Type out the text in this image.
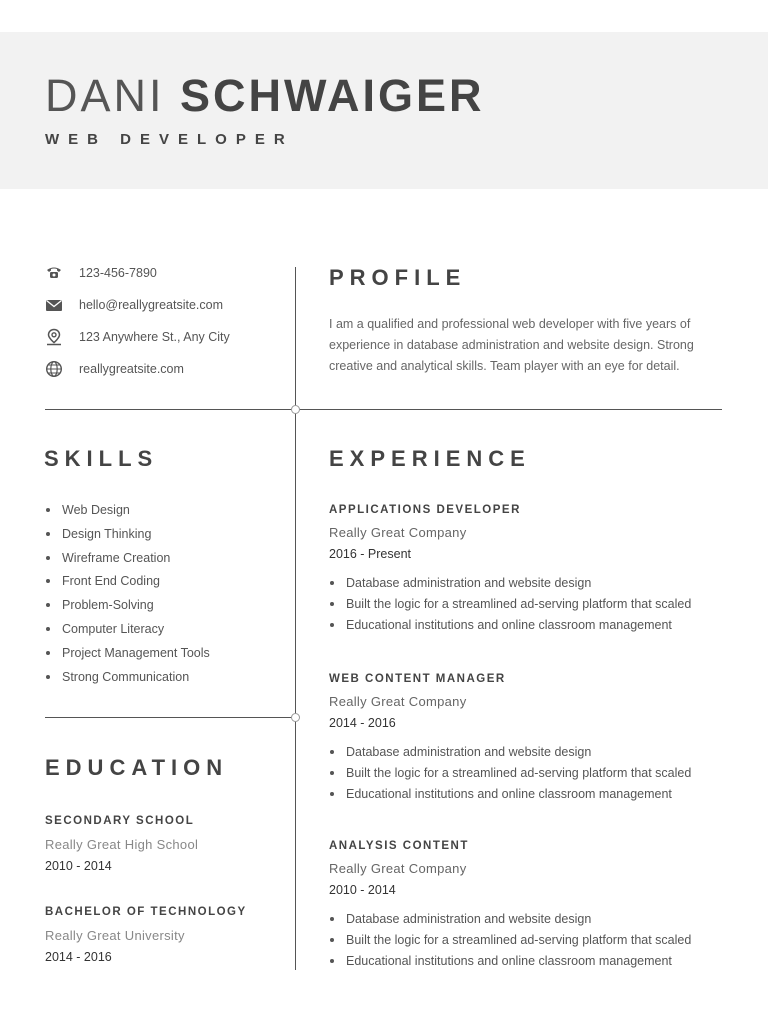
DANI SCHWAIGER
WEB DEVELOPER
123-456-7890
hello@reallygreatsite.com
123 Anywhere St., Any City
reallygreatsite.com
PROFILE
I am a qualified and professional web developer with five years of experience in database administration and website design. Strong creative and analytical skills. Team player with an eye for detail.
SKILLS
Web Design
Design Thinking
Wireframe Creation
Front End Coding
Problem-Solving
Computer Literacy
Project Management Tools
Strong Communication
EXPERIENCE
APPLICATIONS DEVELOPER
Really Great Company
2016 - Present
Database administration and website design
Built the logic for a streamlined ad-serving platform that scaled
Educational institutions and online classroom management
WEB CONTENT MANAGER
Really Great Company
2014 - 2016
Database administration and website design
Built the logic for a streamlined ad-serving platform that scaled
Educational institutions and online classroom management
ANALYSIS CONTENT
Really Great Company
2010 - 2014
Database administration and website design
Built the logic for a streamlined ad-serving platform that scaled
Educational institutions and online classroom management
EDUCATION
SECONDARY SCHOOL
Really Great High School
2010 - 2014
BACHELOR OF TECHNOLOGY
Really Great University
2014 - 2016
